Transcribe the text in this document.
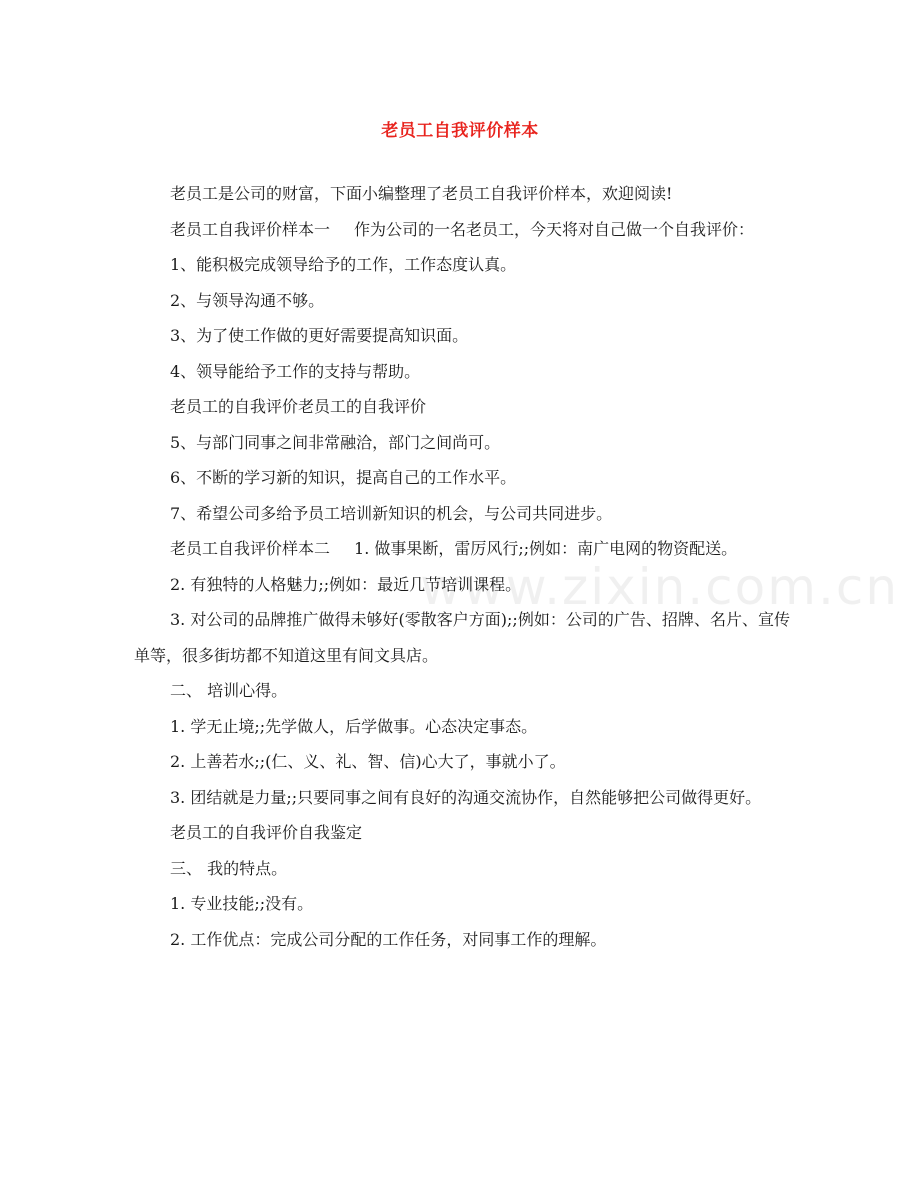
老员工自我评价样本
www.zixin.com.cn

老员工是公司的财富，下面小编整理了老员工自我评价样本，欢迎阅读!

老员工自我评价样本一 作为公司的一名老员工，今天将对自己做一个自我评价：

1、能积极完成领导给予的工作，工作态度认真。

2、与领导沟通不够。

3、为了使工作做的更好需要提高知识面。

4、领导能给予工作的支持与帮助。

老员工的自我评价老员工的自我评价

5、与部门同事之间非常融洽，部门之间尚可。

6、不断的学习新的知识，提高自己的工作水平。

7、希望公司多给予员工培训新知识的机会，与公司共同进步。

老员工自我评价样本二 1. 做事果断，雷厉风行;;例如：南广电网的物资配送。

2. 有独特的人格魅力;;例如：最近几节培训课程。

3. 对公司的品牌推广做得未够好(零散客户方面);;例如：公司的广告、招牌、名片、宣传单等，很多街坊都不知道这里有间文具店。

二、 培训心得。

1. 学无止境;;先学做人，后学做事。心态决定事态。

2. 上善若水;;(仁、义、礼、智、信)心大了，事就小了。

3. 团结就是力量;;只要同事之间有良好的沟通交流协作，自然能够把公司做得更好。

老员工的自我评价自我鉴定

三、 我的特点。

1. 专业技能;;没有。

2. 工作优点：完成公司分配的工作任务，对同事工作的理解。
